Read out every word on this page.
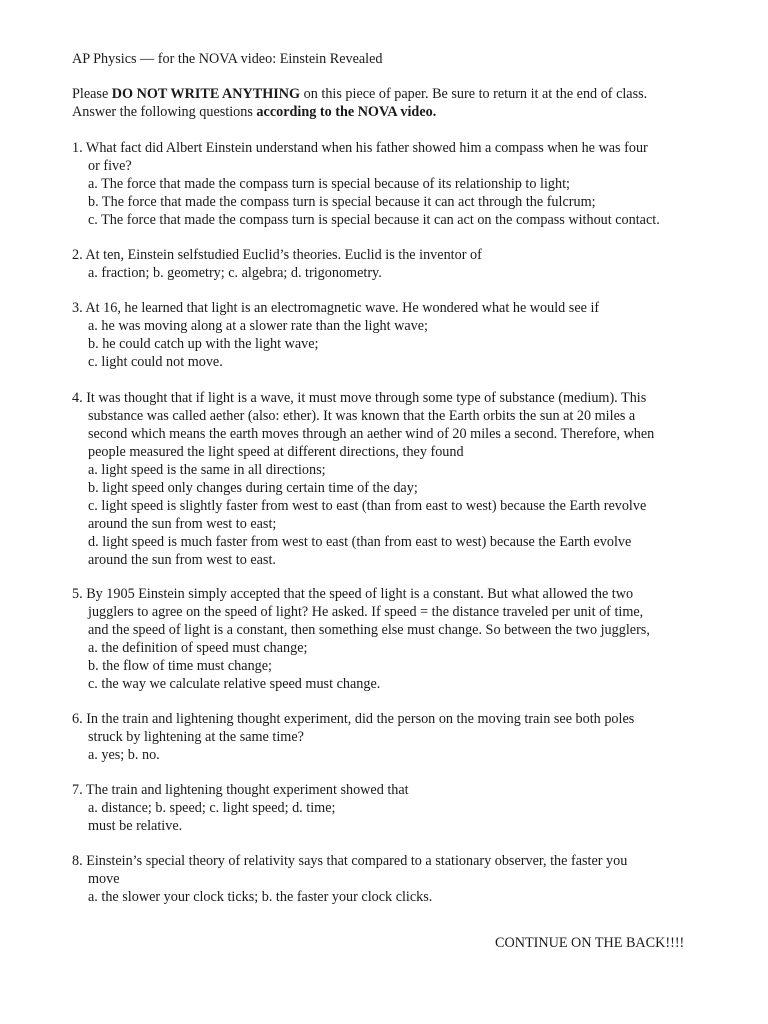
AP Physics — for the NOVA video: Einstein Revealed
Please DO NOT WRITE ANYTHING on this piece of paper. Be sure to return it at the end of class.
Answer the following questions according to the NOVA video.
1. What fact did Albert Einstein understand when his father showed him a compass when he was four
or five?
a. The force that made the compass turn is special because of its relationship to light;
b. The force that made the compass turn is special because it can act through the fulcrum;
c. The force that made the compass turn is special because it can act on the compass without contact.
2. At ten, Einstein selfstudied Euclid’s theories. Euclid is the inventor of
a. fraction; b. geometry; c. algebra; d. trigonometry.
3. At 16, he learned that light is an electromagnetic wave. He wondered what he would see if
a. he was moving along at a slower rate than the light wave;
b. he could catch up with the light wave;
c. light could not move.
4. It was thought that if light is a wave, it must move through some type of substance (medium). This
substance was called aether (also: ether). It was known that the Earth orbits the sun at 20 miles a
second which means the earth moves through an aether wind of 20 miles a second. Therefore, when
people measured the light speed at different directions, they found
a. light speed is the same in all directions;
b. light speed only changes during certain time of the day;
c. light speed is slightly faster from west to east (than from east to west) because the Earth revolve
around the sun from west to east;
d. light speed is much faster from west to east (than from east to west) because the Earth evolve
around the sun from west to east.
5. By 1905 Einstein simply accepted that the speed of light is a constant. But what allowed the two
jugglers to agree on the speed of light? He asked. If speed = the distance traveled per unit of time,
and the speed of light is a constant, then something else must change. So between the two jugglers,
a. the definition of speed must change;
b. the flow of time must change;
c. the way we calculate relative speed must change.
6. In the train and lightening thought experiment, did the person on the moving train see both poles
struck by lightening at the same time?
a. yes; b. no.
7. The train and lightening thought experiment showed that
a. distance; b. speed; c. light speed; d. time;
must be relative.
8. Einstein’s special theory of relativity says that compared to a stationary observer, the faster you
move
a. the slower your clock ticks; b. the faster your clock clicks.
CONTINUE ON THE BACK!!!!
